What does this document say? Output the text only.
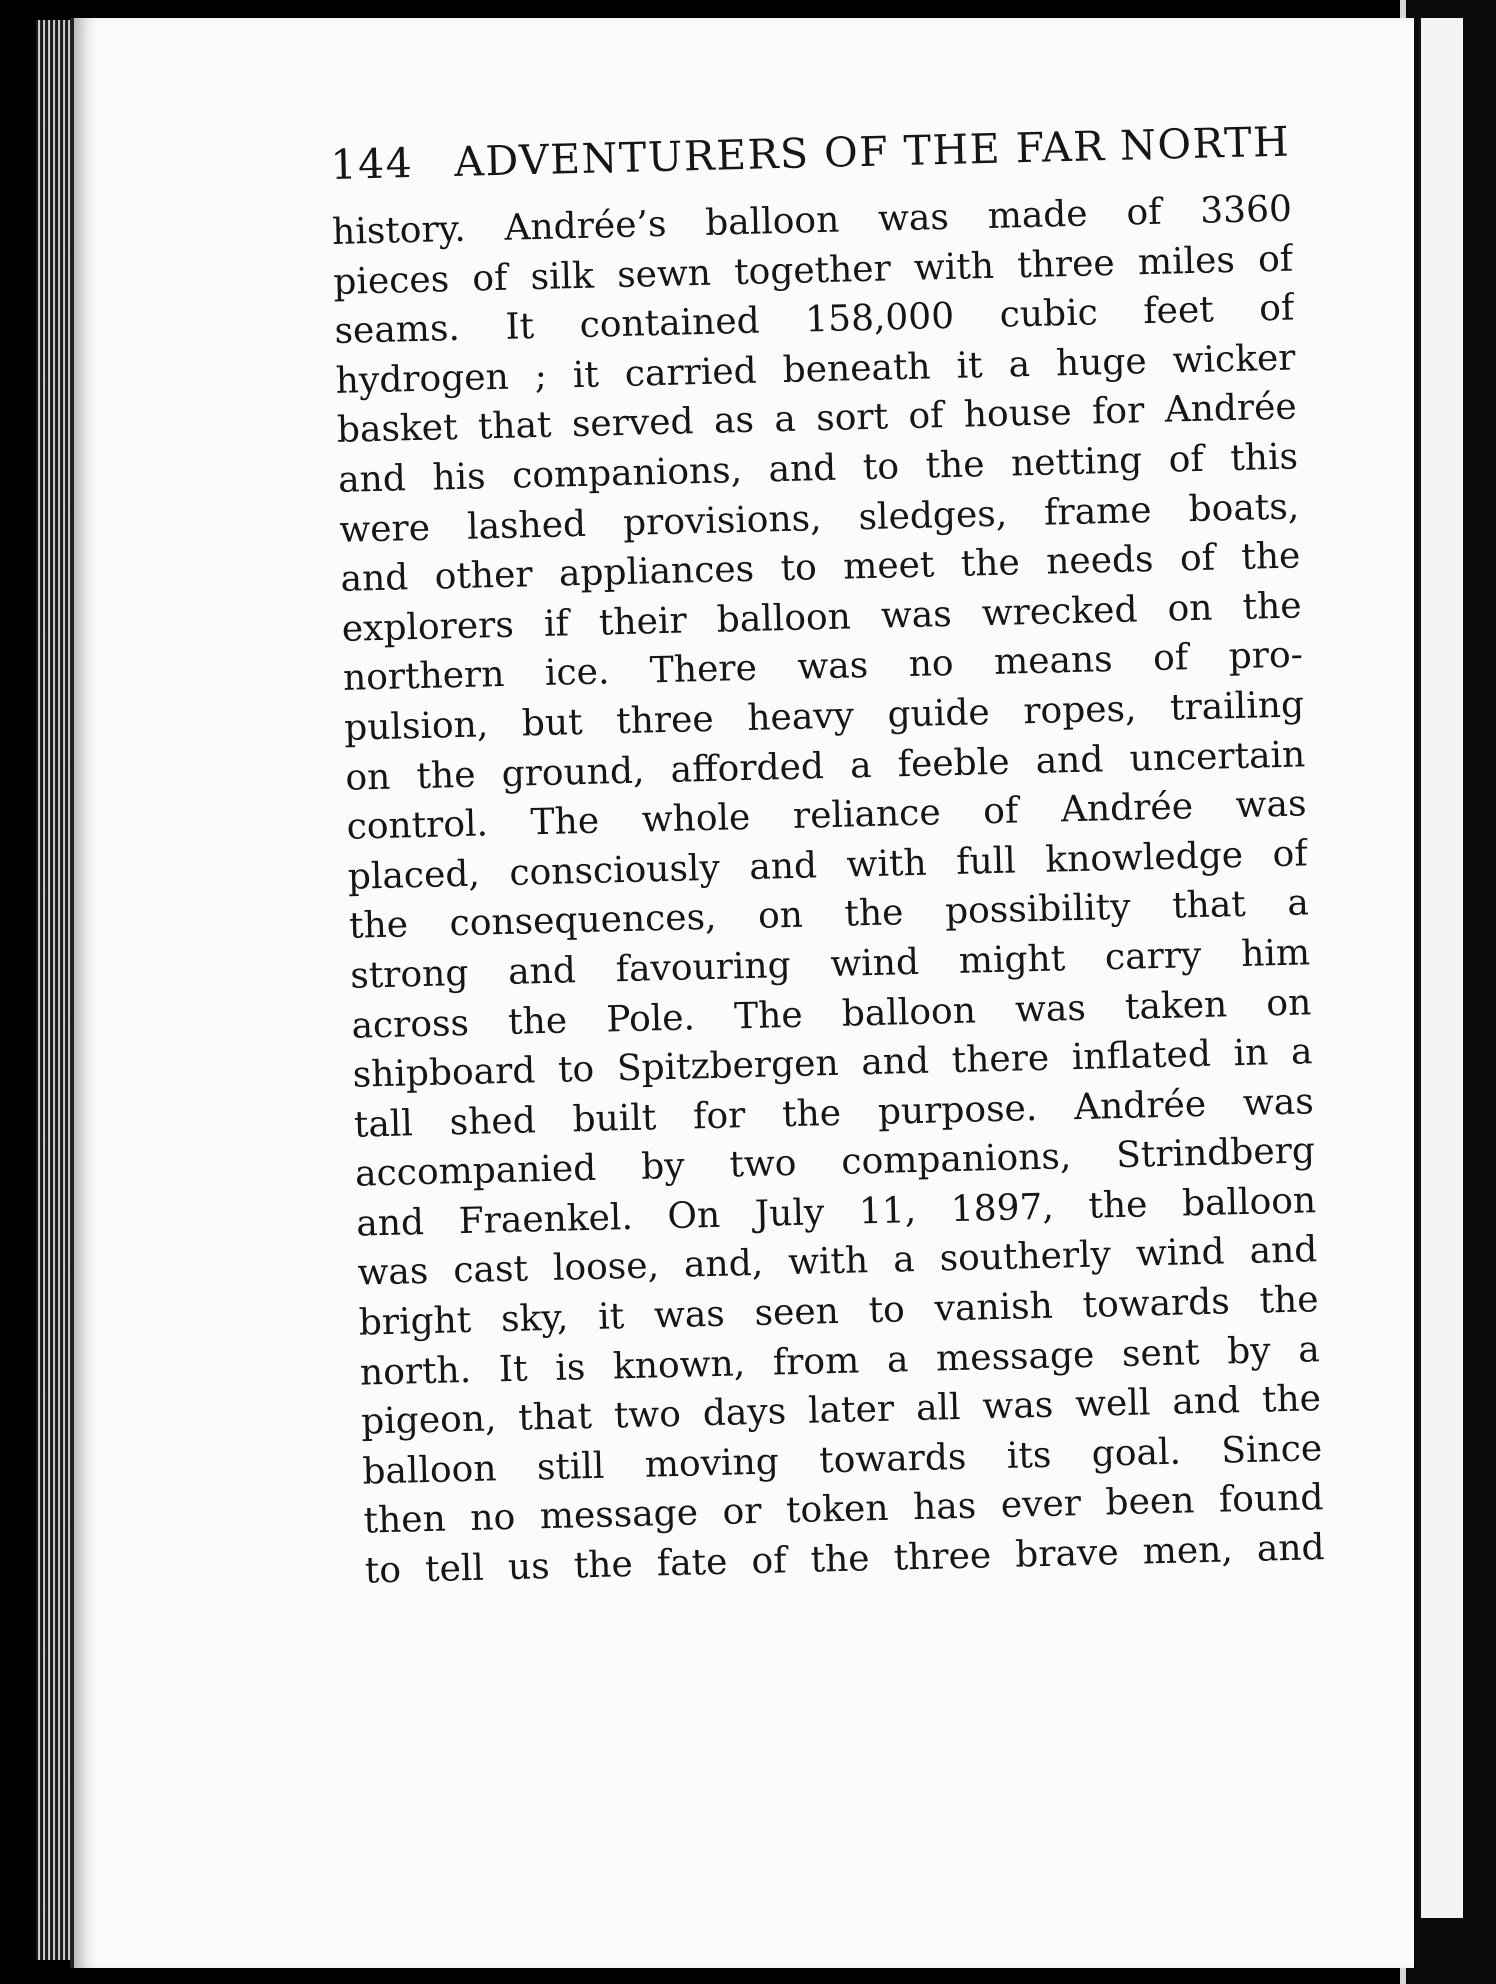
144 ADVENTURERS OF THE FAR NORTH
history. Andrée’s balloon was made of 3360
pieces of silk sewn together with three miles of
seams. It contained 158,000 cubic feet of
hydrogen ; it carried beneath it a huge wicker
basket that served as a sort of house for Andrée
and his companions, and to the netting of this
were lashed provisions, sledges, frame boats,
and other appliances to meet the needs of the
explorers if their balloon was wrecked on the
northern ice. There was no means of pro-
pulsion, but three heavy guide ropes, trailing
on the ground, afforded a feeble and uncertain
control. The whole reliance of Andrée was
placed, consciously and with full knowledge of
the consequences, on the possibility that a
strong and favouring wind might carry him
across the Pole. The balloon was taken on
shipboard to Spitzbergen and there inflated in a
tall shed built for the purpose. Andrée was
accompanied by two companions, Strindberg
and Fraenkel. On July 11, 1897, the balloon
was cast loose, and, with a southerly wind and
bright sky, it was seen to vanish towards the
north. It is known, from a message sent by a
pigeon, that two days later all was well and the
balloon still moving towards its goal. Since
then no message or token has ever been found
to tell us the fate of the three brave men, and
